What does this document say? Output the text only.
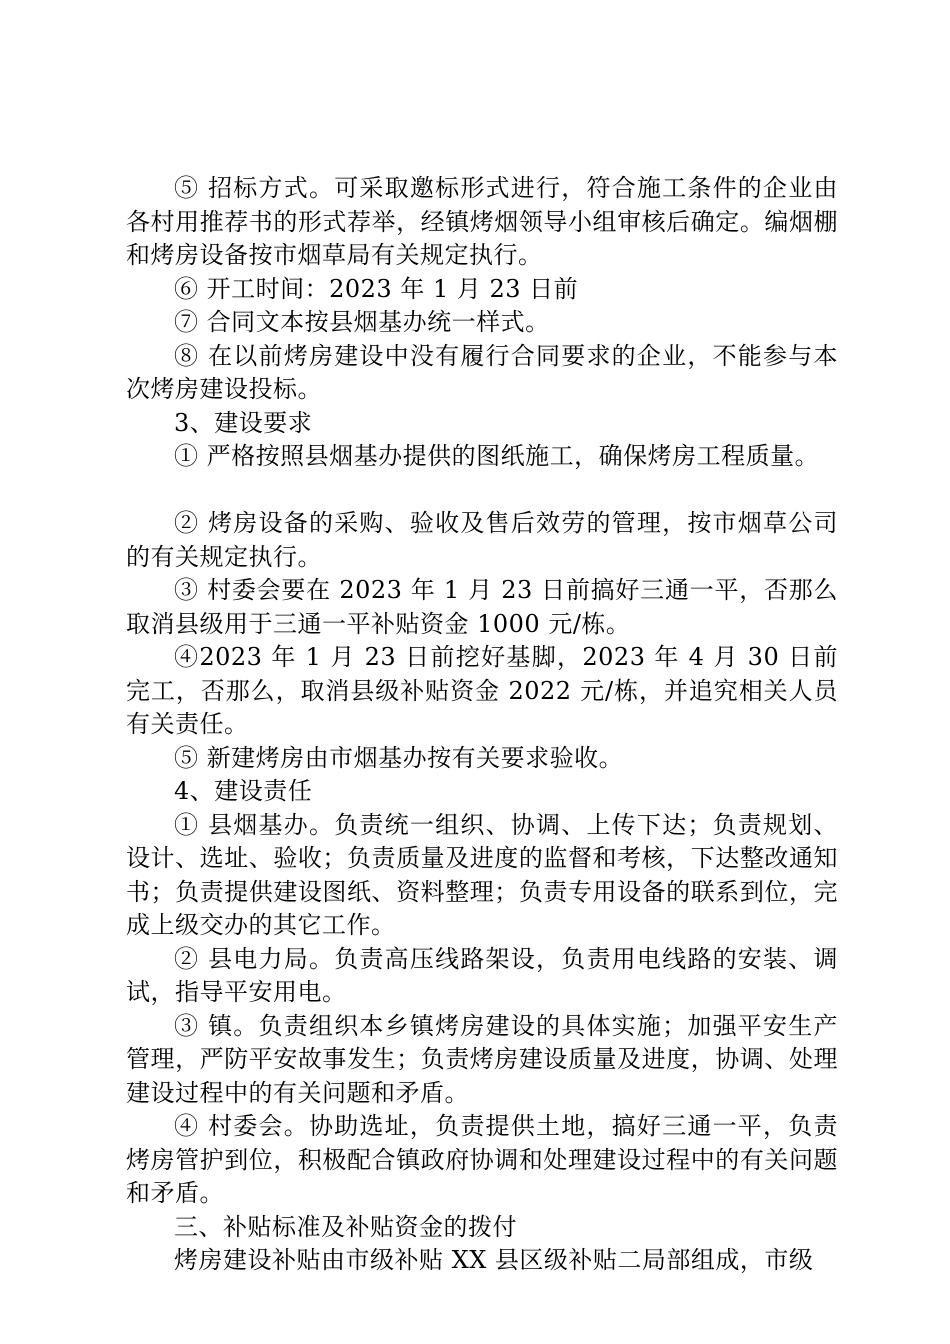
⑤ 招标方式。可采取邀标形式进行，符合施工条件的企业由各村用推荐书的形式荐举，经镇烤烟领导小组审核后确定。编烟棚和烤房设备按市烟草局有关规定执行。

⑥ 开工时间：2023 年 1 月 23 日前

⑦ 合同文本按县烟基办统一样式。

⑧ 在以前烤房建设中没有履行合同要求的企业，不能参与本次烤房建设投标。

3、建设要求

① 严格按照县烟基办提供的图纸施工，确保烤房工程质量。

② 烤房设备的采购、验收及售后效劳的管理，按市烟草公司的有关规定执行。

③ 村委会要在 2023 年 1 月 23 日前搞好三通一平，否那么取消县级用于三通一平补贴资金 1000 元/栋。

④2023 年 1 月 23 日前挖好基脚，2023 年 4 月 30 日前完工，否那么，取消县级补贴资金 2022 元/栋，并追究相关人员有关责任。

⑤ 新建烤房由市烟基办按有关要求验收。

4、建设责任

① 县烟基办。负责统一组织、协调、上传下达；负责规划、设计、选址、验收；负责质量及进度的监督和考核，下达整改通知书；负责提供建设图纸、资料整理；负责专用设备的联系到位，完成上级交办的其它工作。

② 县电力局。负责高压线路架设，负责用电线路的安装、调试，指导平安用电。

③ 镇。负责组织本乡镇烤房建设的具体实施；加强平安生产管理，严防平安故事发生；负责烤房建设质量及进度，协调、处理建设过程中的有关问题和矛盾。

④ 村委会。协助选址，负责提供土地，搞好三通一平，负责烤房管护到位，积极配合镇政府协调和处理建设过程中的有关问题和矛盾。

三、补贴标准及补贴资金的拨付

烤房建设补贴由市级补贴 XX 县区级补贴二局部组成，市级
